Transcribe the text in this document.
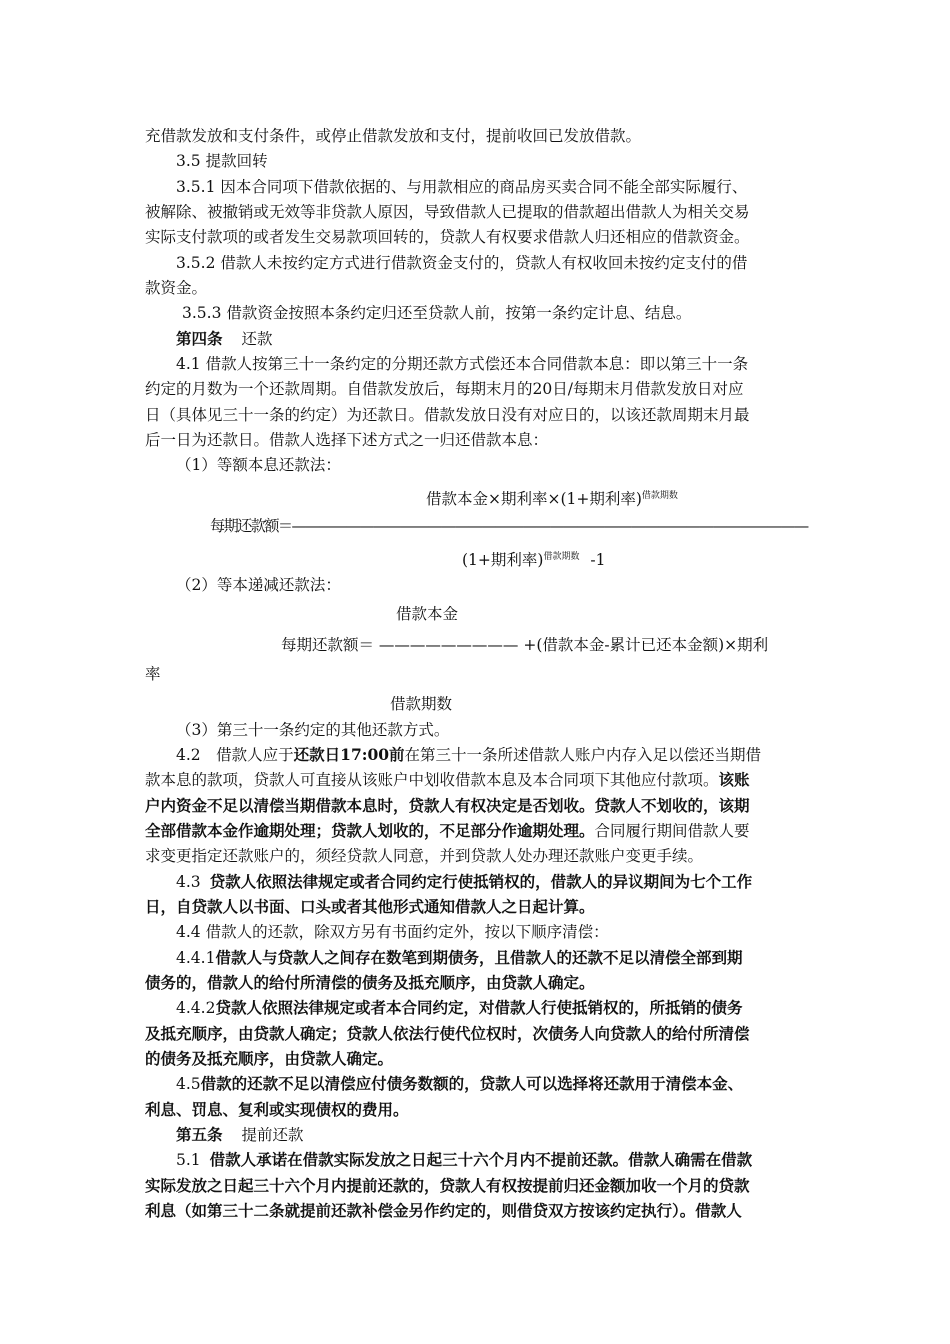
充借款发放和支付条件，或停止借款发放和支付，提前收回已发放借款。
3.5 提款回转
3.5.1 因本合同项下借款依据的、与用款相应的商品房买卖合同不能全部实际履行、
被解除、被撤销或无效等非贷款人原因，导致借款人已提取的借款超出借款人为相关交易
实际支付款项的或者发生交易款项回转的，贷款人有权要求借款人归还相应的借款资金。
3.5.2 借款人未按约定方式进行借款资金支付的，贷款人有权收回未按约定支付的借
款资金。
3.5.3 借款资金按照本条约定归还至贷款人前，按第一条约定计息、结息。
第四条 还款
4.1 借款人按第三十一条约定的分期还款方式偿还本合同借款本息：即以第三十一条
约定的月数为一个还款周期。自借款发放后，每期末月的20日/每期末月借款发放日对应
日（具体见三十一条的约定）为还款日。借款发放日没有对应日的，以该还款周期末月最
后一日为还款日。借款人选择下述方式之一归还借款本息：
（1）等额本息还款法：
借款本金×期利率×(1+期利率)$^{借款期数}$
每期还款额＝——————————————————————————————————————
(1+期利率)$^{借款期数}$ -1
（2）等本递减还款法：
借款本金
每期还款额＝ ————————— +(借款本金-累计已还本金额)×期利
率
借款期数
（3）第三十一条约定的其他还款方式。
4.2　借款人应于还款日17:00前在第三十一条所述借款人账户内存入足以偿还当期借
款本息的款项，贷款人可直接从该账户中划收借款本息及本合同项下其他应付款项。该账
户内资金不足以清偿当期借款本息时，贷款人有权决定是否划收。贷款人不划收的，该期
全部借款本金作逾期处理；贷款人划收的，不足部分作逾期处理。合同履行期间借款人要
求变更指定还款账户的，须经贷款人同意，并到贷款人处办理还款账户变更手续。
4.3 贷款人依照法律规定或者合同约定行使抵销权的，借款人的异议期间为七个工作
日，自贷款人以书面、口头或者其他形式通知借款人之日起计算。
4.4 借款人的还款，除双方另有书面约定外，按以下顺序清偿：
4.4.1借款人与贷款人之间存在数笔到期债务，且借款人的还款不足以清偿全部到期
债务的，借款人的给付所清偿的债务及抵充顺序，由贷款人确定。
4.4.2贷款人依照法律规定或者本合同约定，对借款人行使抵销权的，所抵销的债务
及抵充顺序，由贷款人确定；贷款人依法行使代位权时，次债务人向贷款人的给付所清偿
的债务及抵充顺序，由贷款人确定。
4.5借款的还款不足以清偿应付债务数额的，贷款人可以选择将还款用于清偿本金、
利息、罚息、复利或实现债权的费用。
第五条 提前还款
5.1 借款人承诺在借款实际发放之日起三十六个月内不提前还款。借款人确需在借款
实际发放之日起三十六个月内提前还款的，贷款人有权按提前归还金额加收一个月的贷款
利息（如第三十二条就提前还款补偿金另作约定的，则借贷双方按该约定执行）。借款人
